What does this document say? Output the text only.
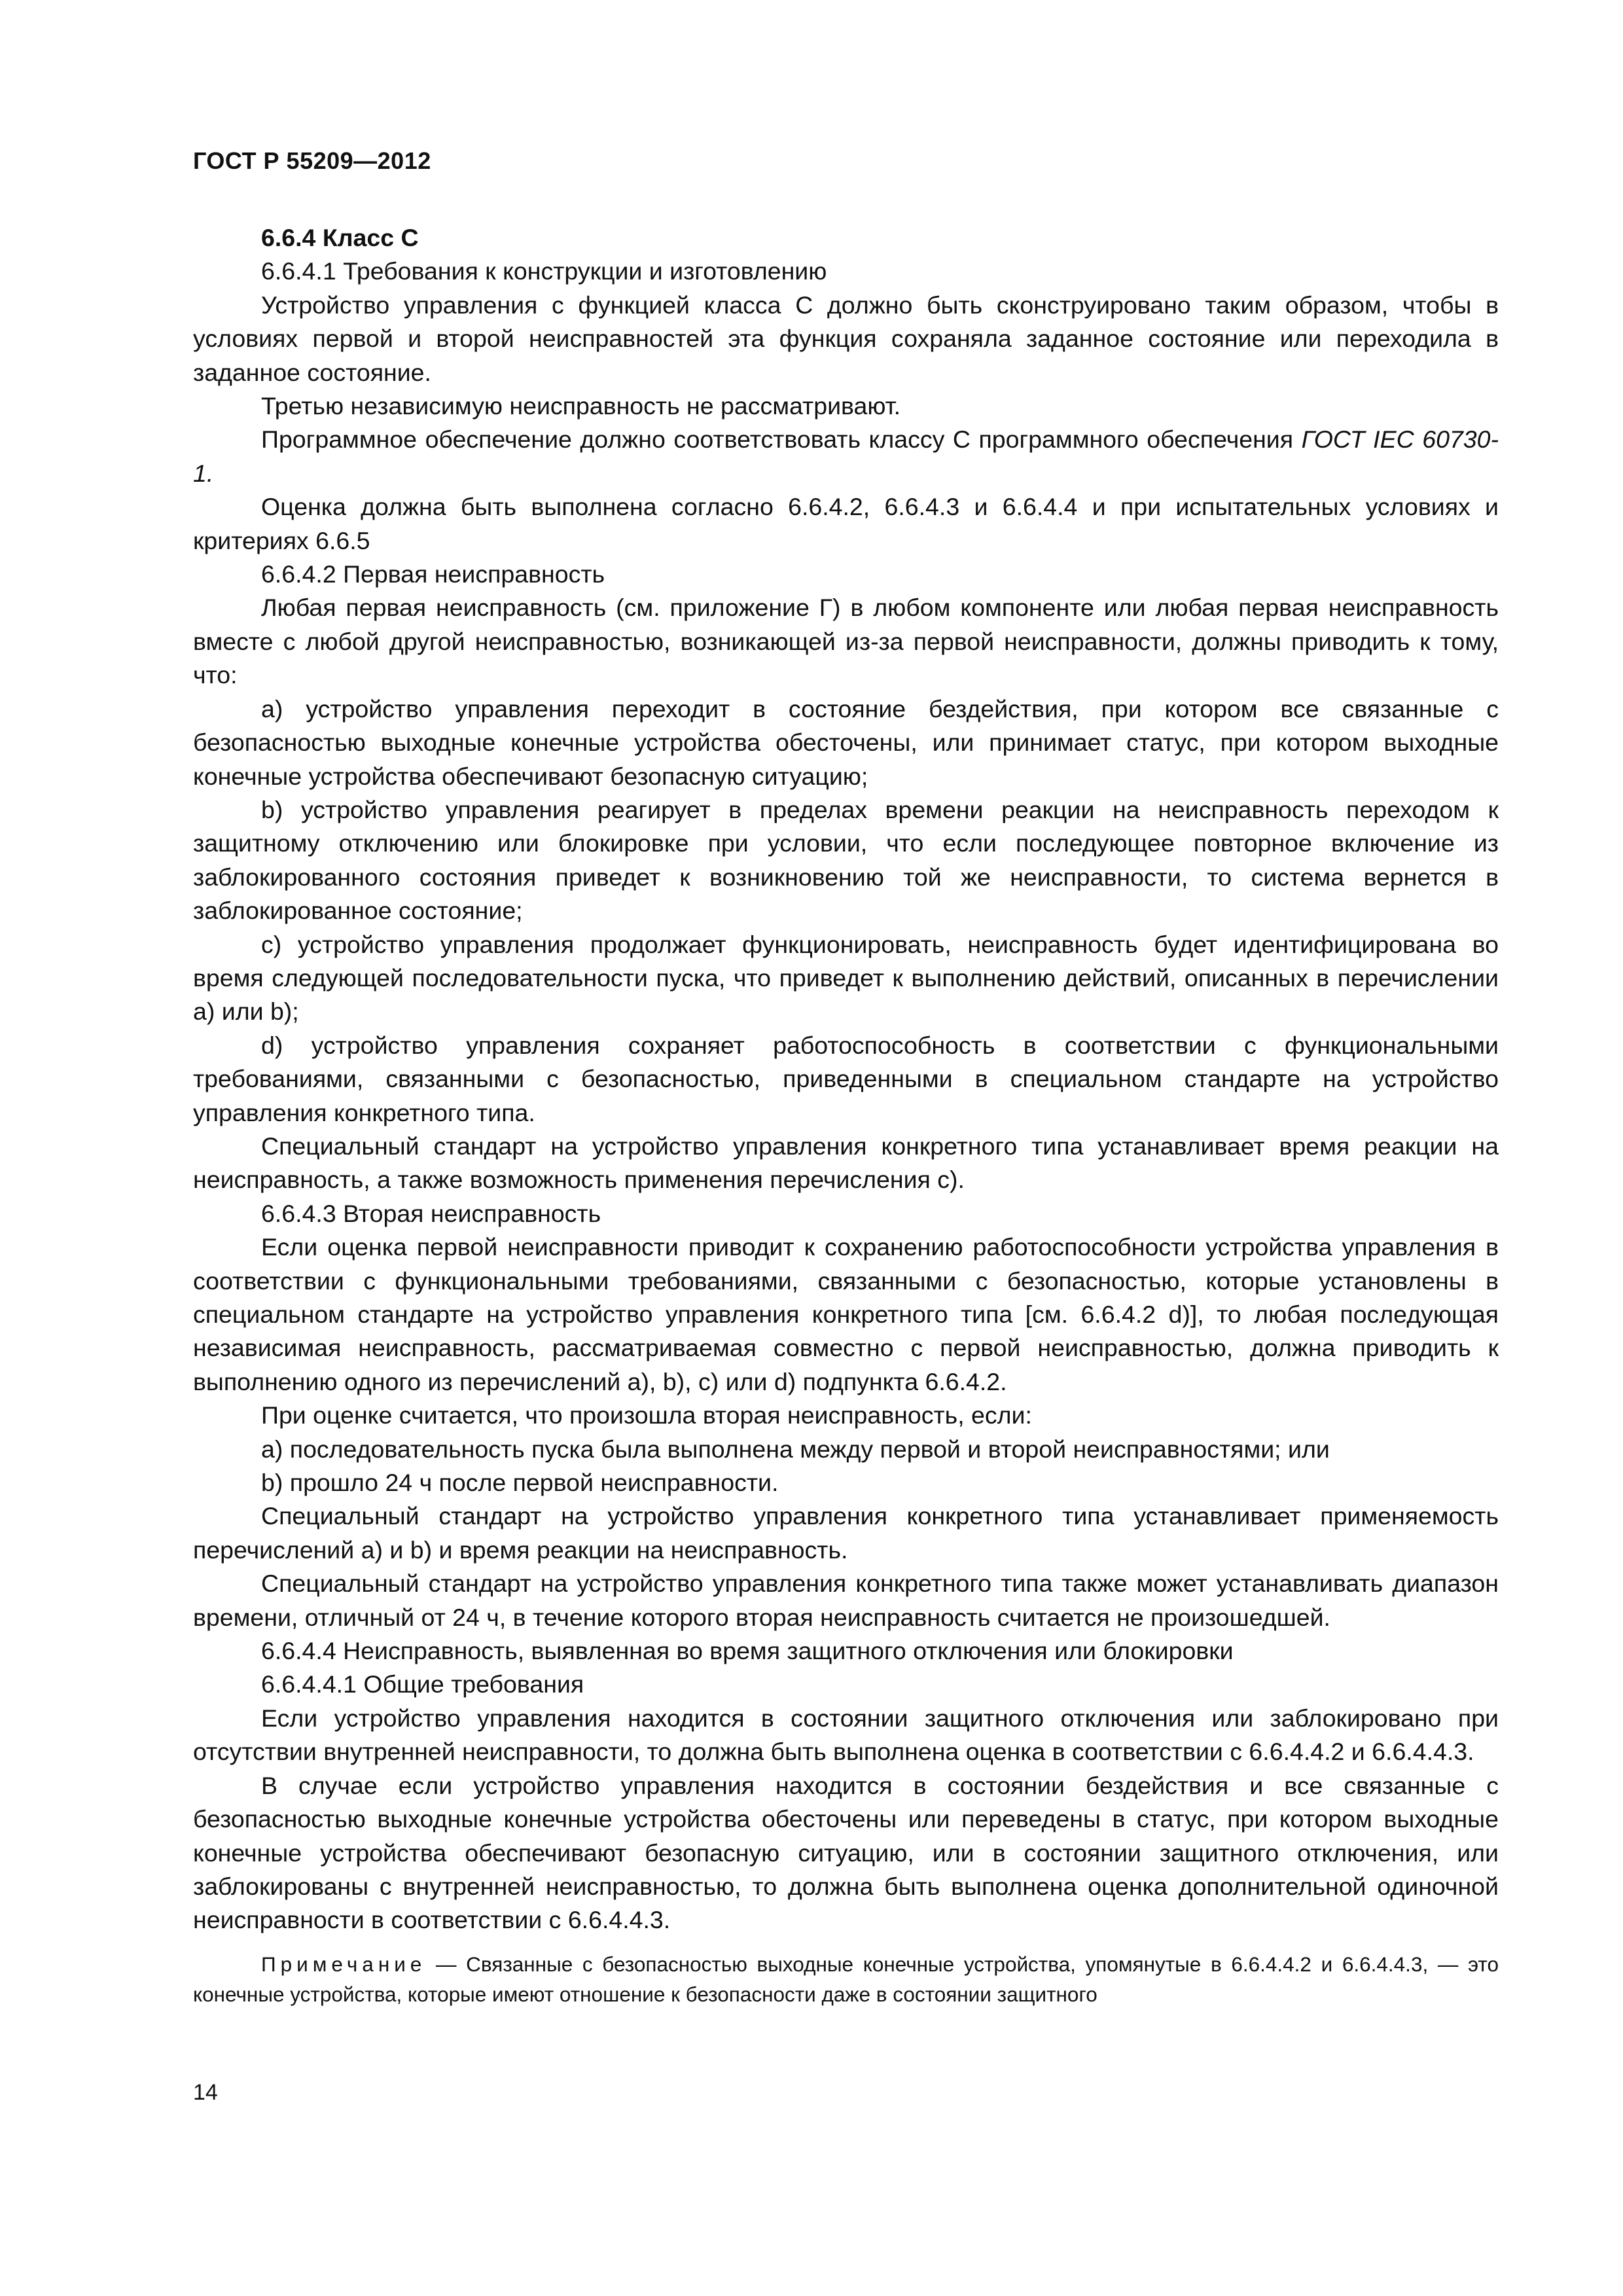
ГОСТ Р 55209—2012

6.6.4 Класс С

6.6.4.1 Требования к конструкции и изготовлению

Устройство управления с функцией класса С должно быть сконструировано таким образом, чтобы в условиях первой и второй неисправностей эта функция сохраняла заданное состояние или переходила в заданное состояние.

Третью независимую неисправность не рассматривают.

Программное обеспечение должно соответствовать классу С программного обеспечения ГОСТ IEC 60730-1.

Оценка должна быть выполнена согласно 6.6.4.2, 6.6.4.3 и 6.6.4.4 и при испытательных условиях и критериях 6.6.5

6.6.4.2 Первая неисправность

Любая первая неисправность (см. приложение Г) в любом компоненте или любая первая неисправность вместе с любой другой неисправностью, возникающей из-за первой неисправности, должны приводить к тому, что:

a) устройство управления переходит в состояние бездействия, при котором все связанные с безопасностью выходные конечные устройства обесточены, или принимает статус, при котором выходные конечные устройства обеспечивают безопасную ситуацию;

b) устройство управления реагирует в пределах времени реакции на неисправность переходом к защитному отключению или блокировке при условии, что если последующее повторное включение из заблокированного состояния приведет к возникновению той же неисправности, то система вернется в заблокированное состояние;

c) устройство управления продолжает функционировать, неисправность будет идентифицирована во время следующей последовательности пуска, что приведет к выполнению действий, описанных в перечислении a) или b);

d) устройство управления сохраняет работоспособность в соответствии с функциональными требованиями, связанными с безопасностью, приведенными в специальном стандарте на устройство управления конкретного типа.

Специальный стандарт на устройство управления конкретного типа устанавливает время реакции на неисправность, а также возможность применения перечисления c).

6.6.4.3 Вторая неисправность

Если оценка первой неисправности приводит к сохранению работоспособности устройства управления в соответствии с функциональными требованиями, связанными с безопасностью, которые установлены в специальном стандарте на устройство управления конкретного типа [см. 6.6.4.2 d)], то любая последующая независимая неисправность, рассматриваемая совместно с первой неисправностью, должна приводить к выполнению одного из перечислений a), b), c) или d) подпункта 6.6.4.2.

При оценке считается, что произошла вторая неисправность, если:

a) последовательность пуска была выполнена между первой и второй неисправностями; или

b) прошло 24 ч после первой неисправности.

Специальный стандарт на устройство управления конкретного типа устанавливает применяемость перечислений a) и b) и время реакции на неисправность.

Специальный стандарт на устройство управления конкретного типа также может устанавливать диапазон времени, отличный от 24 ч, в течение которого вторая неисправность считается не произошедшей.

6.6.4.4 Неисправность, выявленная во время защитного отключения или блокировки

6.6.4.4.1 Общие требования

Если устройство управления находится в состоянии защитного отключения или заблокировано при отсутствии внутренней неисправности, то должна быть выполнена оценка в соответствии с 6.6.4.4.2 и 6.6.4.4.3.

В случае если устройство управления находится в состоянии бездействия и все связанные с безопасностью выходные конечные устройства обесточены или переведены в статус, при котором выходные конечные устройства обеспечивают безопасную ситуацию, или в состоянии защитного отключения, или заблокированы с внутренней неисправностью, то должна быть выполнена оценка дополнительной одиночной неисправности в соответствии с 6.6.4.4.3.

Примечание — Связанные с безопасностью выходные конечные устройства, упомянутые в 6.6.4.4.2 и 6.6.4.4.3, — это конечные устройства, которые имеют отношение к безопасности даже в состоянии защитного

14
